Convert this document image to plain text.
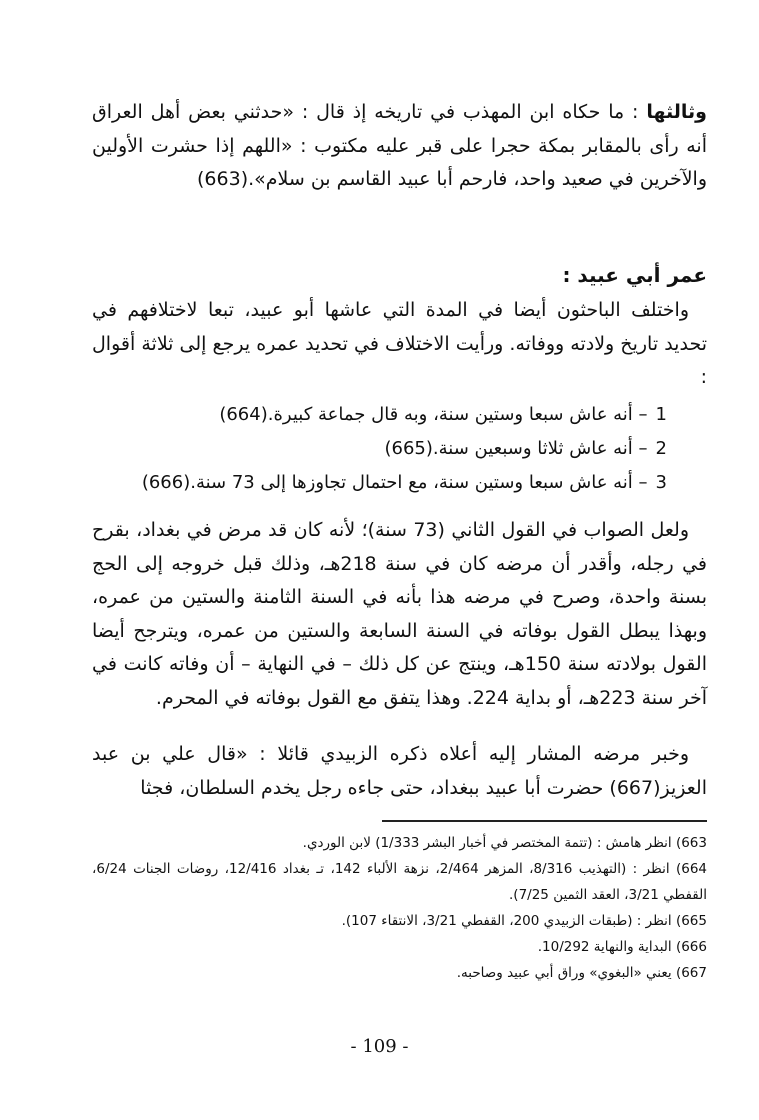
وثالثها : ما حكاه ابن المهذب في تاريخه إذ قال : «حدثني بعض أهل العراق أنه رأى بالمقابر بمكة حجرا على قبر عليه مكتوب : «اللهم إذا حشرت الأولين والآخرين في صعيد واحد، فارحم أبا عبيد القاسم بن سلام».(663)
عمر أبي عبيد :
واختلف الباحثون أيضا في المدة التي عاشها أبو عبيد، تبعا لاختلافهم في تحديد تاريخ ولادته ووفاته. ورأيت الاختلاف في تحديد عمره يرجع إلى ثلاثة أقوال :
1– أنه عاش سبعا وستين سنة، وبه قال جماعة كبيرة.(664)
2– أنه عاش ثلاثا وسبعين سنة.(665)
3– أنه عاش سبعا وستين سنة، مع احتمال تجاوزها إلى 73 سنة.(666)
ولعل الصواب في القول الثاني (73 سنة)؛ لأنه كان قد مرض في بغداد، بقرح في رجله، وأقدر أن مرضه كان في سنة 218هـ، وذلك قبل خروجه إلى الحج بسنة واحدة، وصرح في مرضه هذا بأنه في السنة الثامنة والستين من عمره، وبهذا يبطل القول بوفاته في السنة السابعة والستين من عمره، ويترجح أيضا القول بولادته سنة 150هـ، وينتج عن كل ذلك – في النهاية – أن وفاته كانت في آخر سنة 223هـ، أو بداية 224. وهذا يتفق مع القول بوفاته في المحرم.
وخبر مرضه المشار إليه أعلاه ذكره الزبيدي قائلا : «قال علي بن عبد العزيز(667) حضرت أبا عبيد ببغداد، حتى جاءه رجل يخدم السلطان، فجثا
663) انظر هامش : (تتمة المختصر في أخبار البشر 1/333) لابن الوردي.
664) انظر : (التهذيب 8/316، المزهر 2/464، نزهة الألباء 142، تـ بغداد 12/416، روضات الجنات 6/24، القفطي 3/21، العقد الثمين 7/25).
665) انظر : (طبقات الزبيدي 200، القفطي 3/21، الانتقاء 107).
666) البداية والنهاية 10/292.
667) يعني «البغوي» وراق أبي عبيد وصاحبه.
- 109 -
